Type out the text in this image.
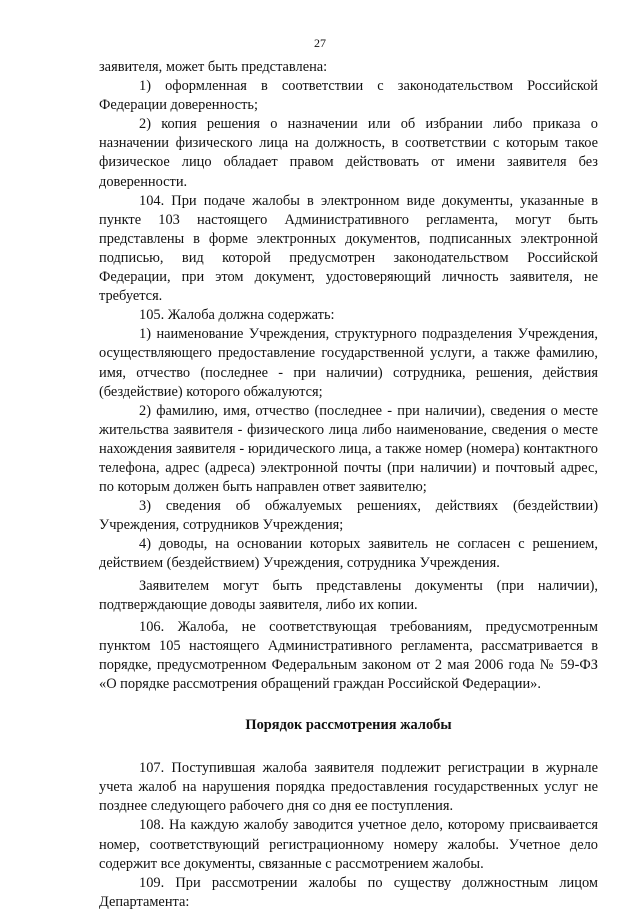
27

заявителя, может быть представлена:

1) оформленная в соответствии с законодательством Российской Федерации доверенность;

2) копия решения о назначении или об избрании либо приказа о назначении физического лица на должность, в соответствии с которым такое физическое лицо обладает правом действовать от имени заявителя без доверенности.

104. При подаче жалобы в электронном виде документы, указанные в пункте 103 настоящего Административного регламента, могут быть представлены в форме электронных документов, подписанных электронной подписью, вид которой предусмотрен законодательством Российской Федерации, при этом документ, удостоверяющий личность заявителя, не требуется.

105. Жалоба должна содержать:

1) наименование Учреждения, структурного подразделения Учреждения, осуществляющего предоставление государственной услуги, а также фамилию, имя, отчество (последнее - при наличии) сотрудника, решения, действия (бездействие) которого обжалуются;

2) фамилию, имя, отчество (последнее - при наличии), сведения о месте жительства заявителя - физического лица либо наименование, сведения о месте нахождения заявителя - юридического лица, а также номер (номера) контактного телефона, адрес (адреса) электронной почты (при наличии) и почтовый адрес, по которым должен быть направлен ответ заявителю;

3) сведения об обжалуемых решениях, действиях (бездействии) Учреждения, сотрудников Учреждения;

4) доводы, на основании которых заявитель не согласен с решением, действием (бездействием) Учреждения, сотрудника Учреждения.

Заявителем могут быть представлены документы (при наличии), подтверждающие доводы заявителя, либо их копии.

106. Жалоба, не соответствующая требованиям, предусмотренным пунктом 105 настоящего Административного регламента, рассматривается в порядке, предусмотренном Федеральным законом от 2 мая 2006 года № 59-ФЗ «О порядке рассмотрения обращений граждан Российской Федерации».

Порядок рассмотрения жалобы

107. Поступившая жалоба заявителя подлежит регистрации в журнале учета жалоб на нарушения порядка предоставления государственных услуг не позднее следующего рабочего дня со дня ее поступления.

108. На каждую жалобу заводится учетное дело, которому присваивается номер, соответствующий регистрационному номеру жалобы. Учетное дело содержит все документы, связанные с рассмотрением жалобы.

109. При рассмотрении жалобы по существу должностным лицом Департамента:
